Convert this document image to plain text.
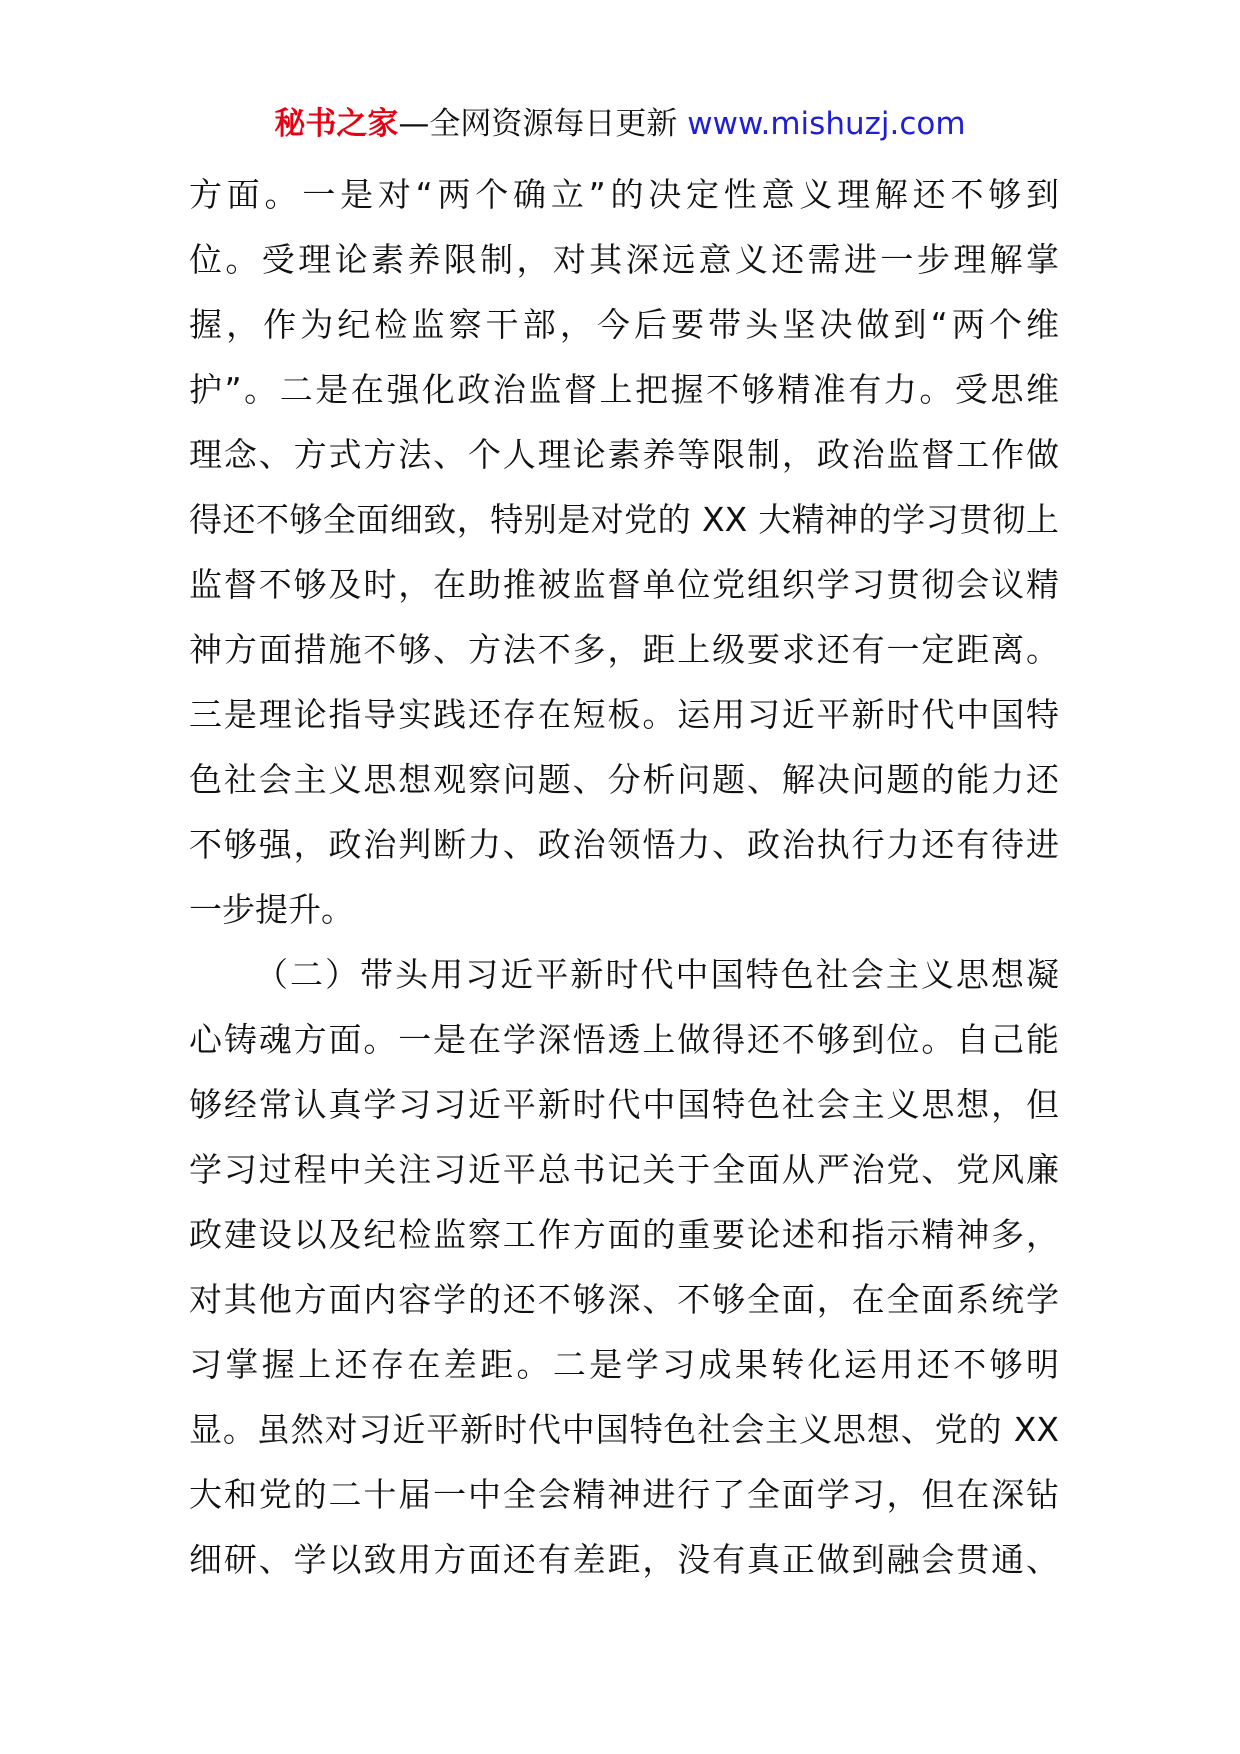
秘书之家—全网资源每日更新 www.mishuzj.com
方面。一是对“两个确立”的决定性意义理解还不够到
位。受理论素养限制，对其深远意义还需进一步理解掌
握，作为纪检监察干部，今后要带头坚决做到“两个维
护”。二是在强化政治监督上把握不够精准有力。受思维
理念、方式方法、个人理论素养等限制，政治监督工作做
得还不够全面细致，特别是对党的 XX 大精神的学习贯彻上
监督不够及时，在助推被监督单位党组织学习贯彻会议精
神方面措施不够、方法不多，距上级要求还有一定距离。
三是理论指导实践还存在短板。运用习近平新时代中国特
色社会主义思想观察问题、分析问题、解决问题的能力还
不够强，政治判断力、政治领悟力、政治执行力还有待进
一步提升。
（二）带头用习近平新时代中国特色社会主义思想凝
心铸魂方面。一是在学深悟透上做得还不够到位。自己能
够经常认真学习习近平新时代中国特色社会主义思想，但
学习过程中关注习近平总书记关于全面从严治党、党风廉
政建设以及纪检监察工作方面的重要论述和指示精神多，
对其他方面内容学的还不够深、不够全面，在全面系统学
习掌握上还存在差距。二是学习成果转化运用还不够明
显。虽然对习近平新时代中国特色社会主义思想、党的 XX
大和党的二十届一中全会精神进行了全面学习，但在深钻
细研、学以致用方面还有差距，没有真正做到融会贯通、
